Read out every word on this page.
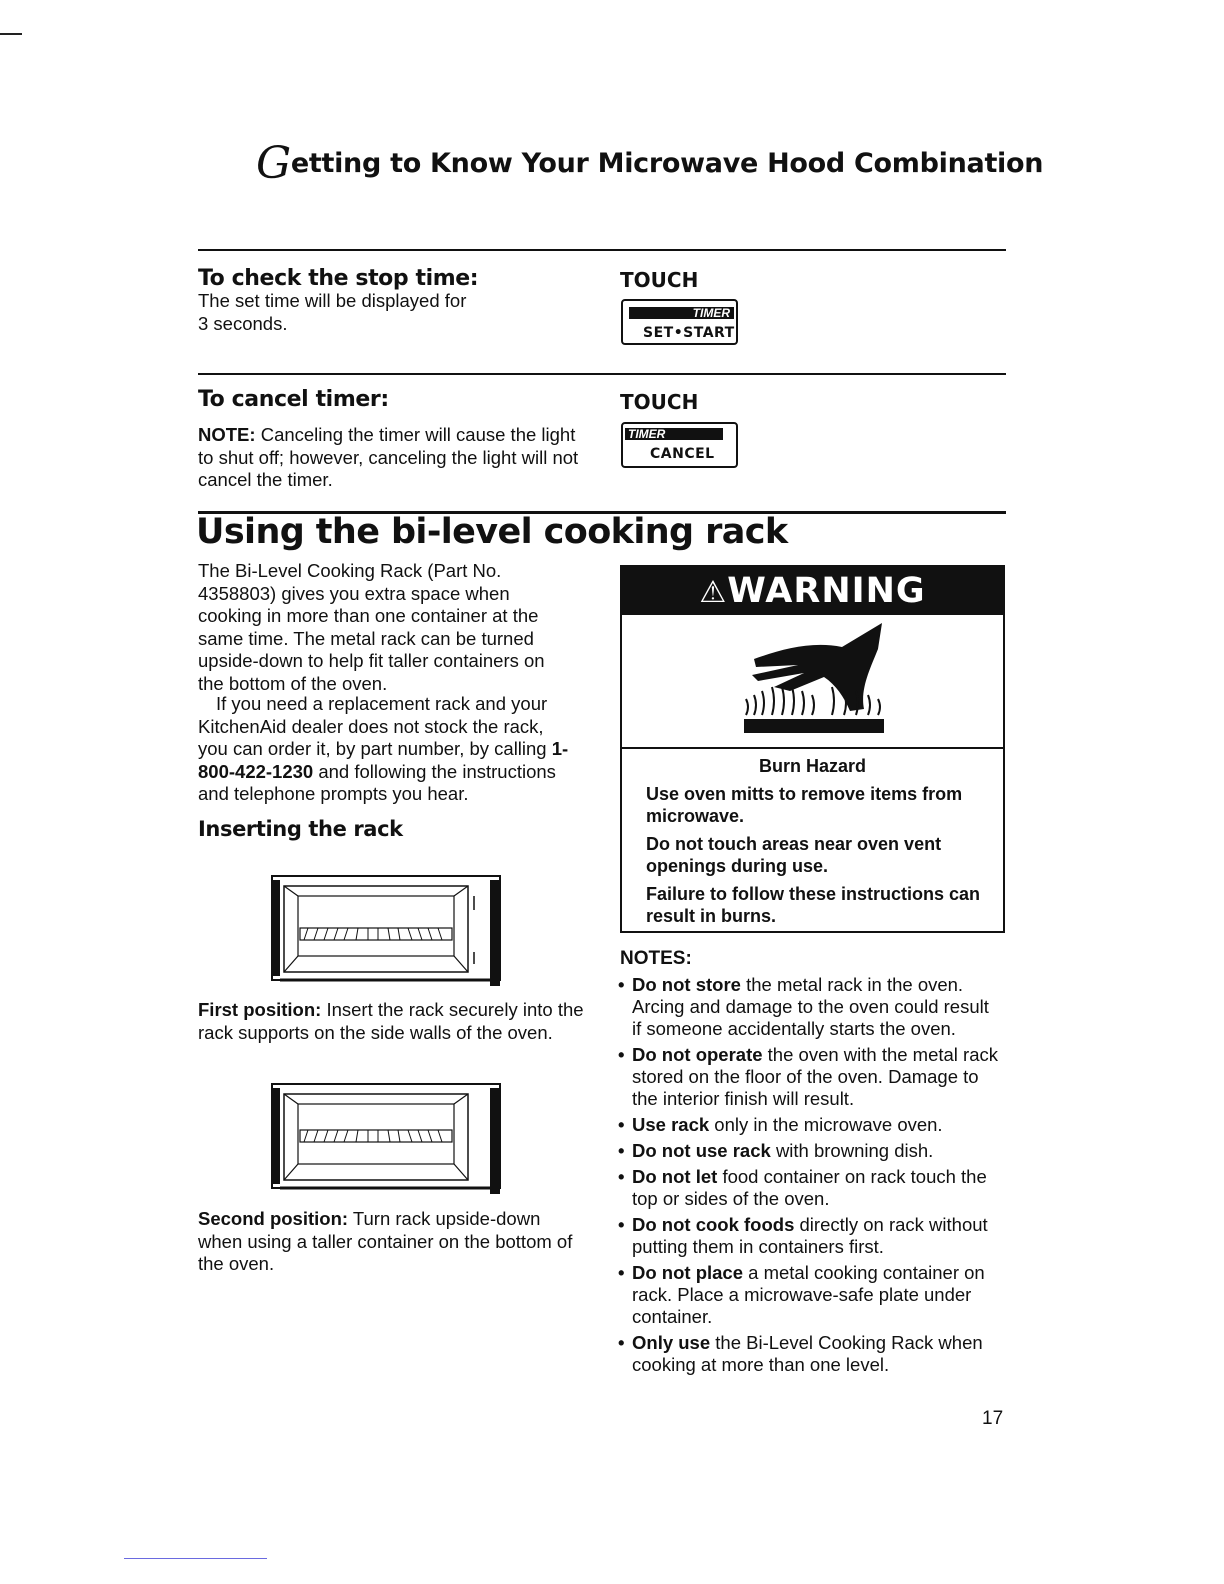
Getting to Know Your Microwave Hood Combination
To check the stop time:
The set time will be displayed for
3 seconds.
TOUCH
TIMER
SET•START
To cancel timer:
NOTE: Canceling the timer will cause the light to shut off; however, canceling the light will not cancel the timer.
TOUCH
TIMER
CANCEL
Using the bi-level cooking rack
The Bi-Level Cooking Rack (Part No. 4358803) gives you extra space when cooking in more than one container at the same time. The metal rack can be turned upside-down to help fit taller containers on the bottom of the oven.
If you need a replacement rack and your KitchenAid dealer does not stock the rack, you can order it, by part number, by calling 1-800-422-1230 and following the instructions and telephone prompts you hear.
Inserting the rack
First position: Insert the rack securely into the rack supports on the side walls of the oven.
Second position: Turn rack upside-down when using a taller container on the bottom of the oven.
⚠WARNING
Burn Hazard
Use oven mitts to remove items from microwave.
Do not touch areas near oven vent openings during use.
Failure to follow these instructions can result in burns.
NOTES:
• Do not store the metal rack in the oven. Arcing and damage to the oven could result if someone accidentally starts the oven.
• Do not operate the oven with the metal rack stored on the floor of the oven. Damage to the interior finish will result.
• Use rack only in the microwave oven.
• Do not use rack with browning dish.
• Do not let food container on rack touch the top or sides of the oven.
• Do not cook foods directly on rack without putting them in containers first.
• Do not place a metal cooking container on rack. Place a microwave-safe plate under container.
• Only use the Bi-Level Cooking Rack when cooking at more than one level.
17
